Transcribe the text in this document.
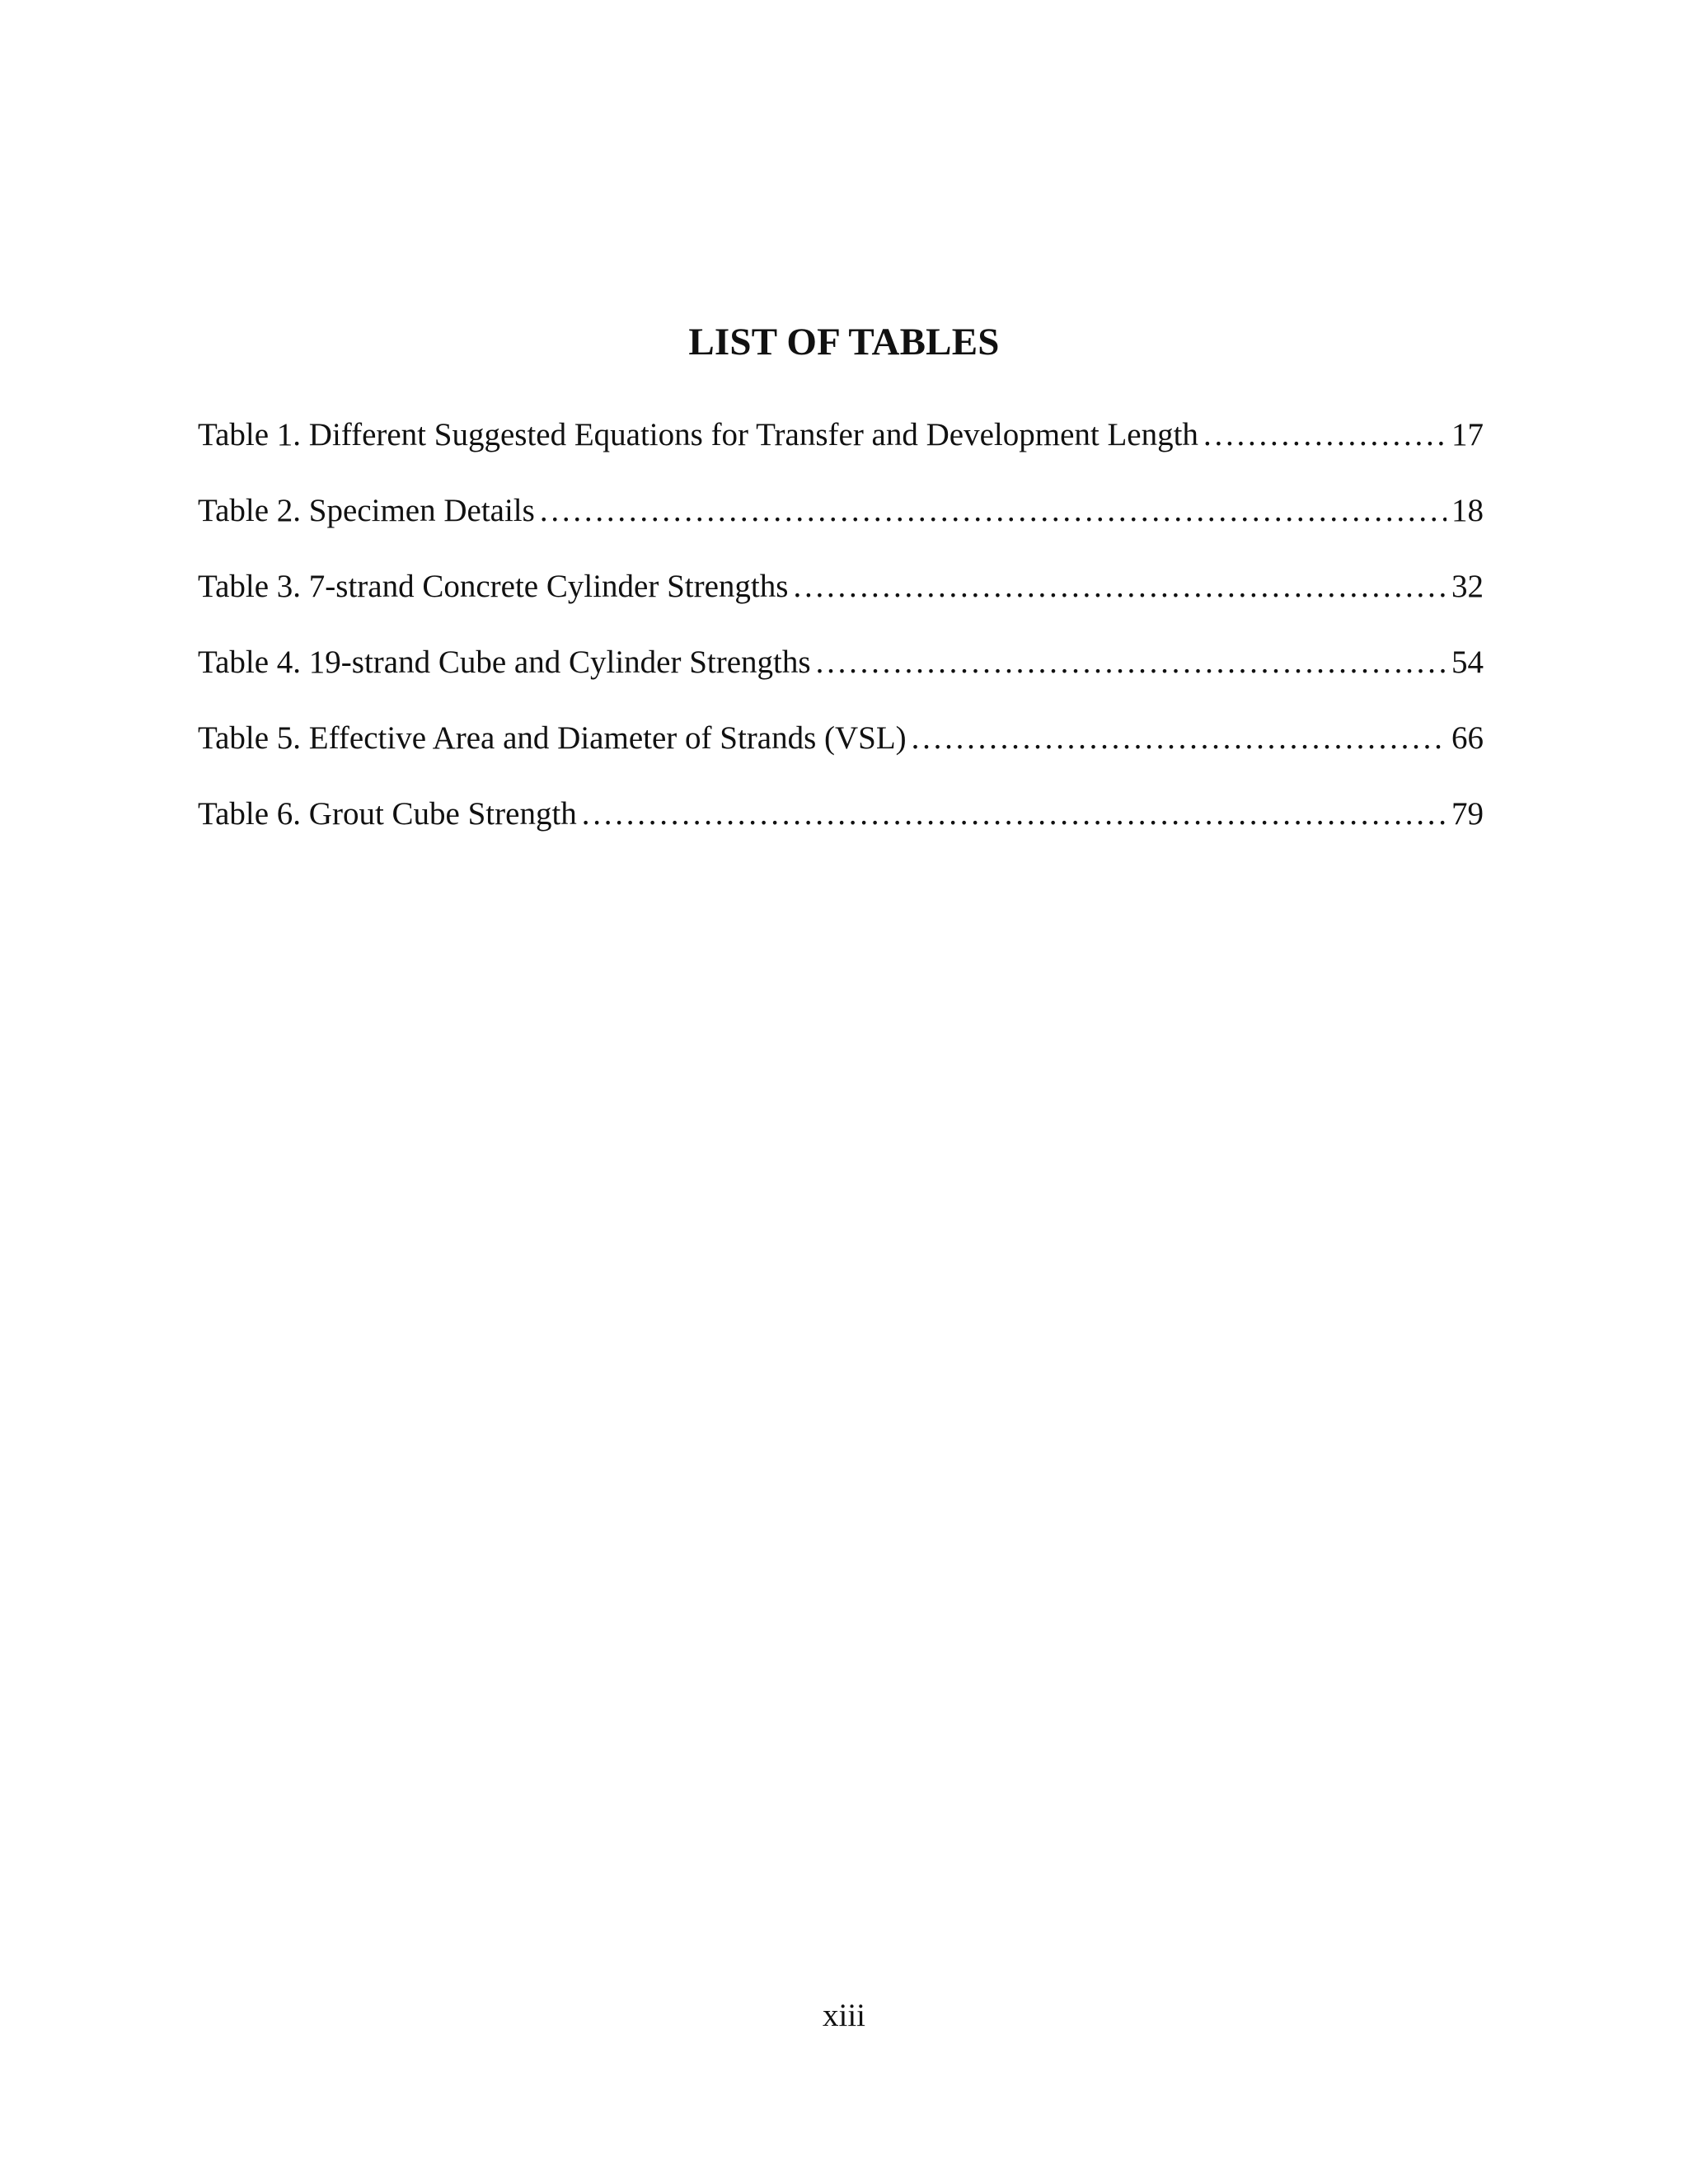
LIST OF TABLES
Table 1. Different Suggested Equations for Transfer and Development Length . . .	17
Table 2. Specimen Details . . .	18
Table 3. 7-strand Concrete Cylinder Strengths . . .	32
Table 4. 19-strand Cube and Cylinder Strengths . . .	54
Table 5. Effective Area and Diameter of Strands (VSL) . . .	66
Table 6. Grout Cube Strength . . .	79
xiii
